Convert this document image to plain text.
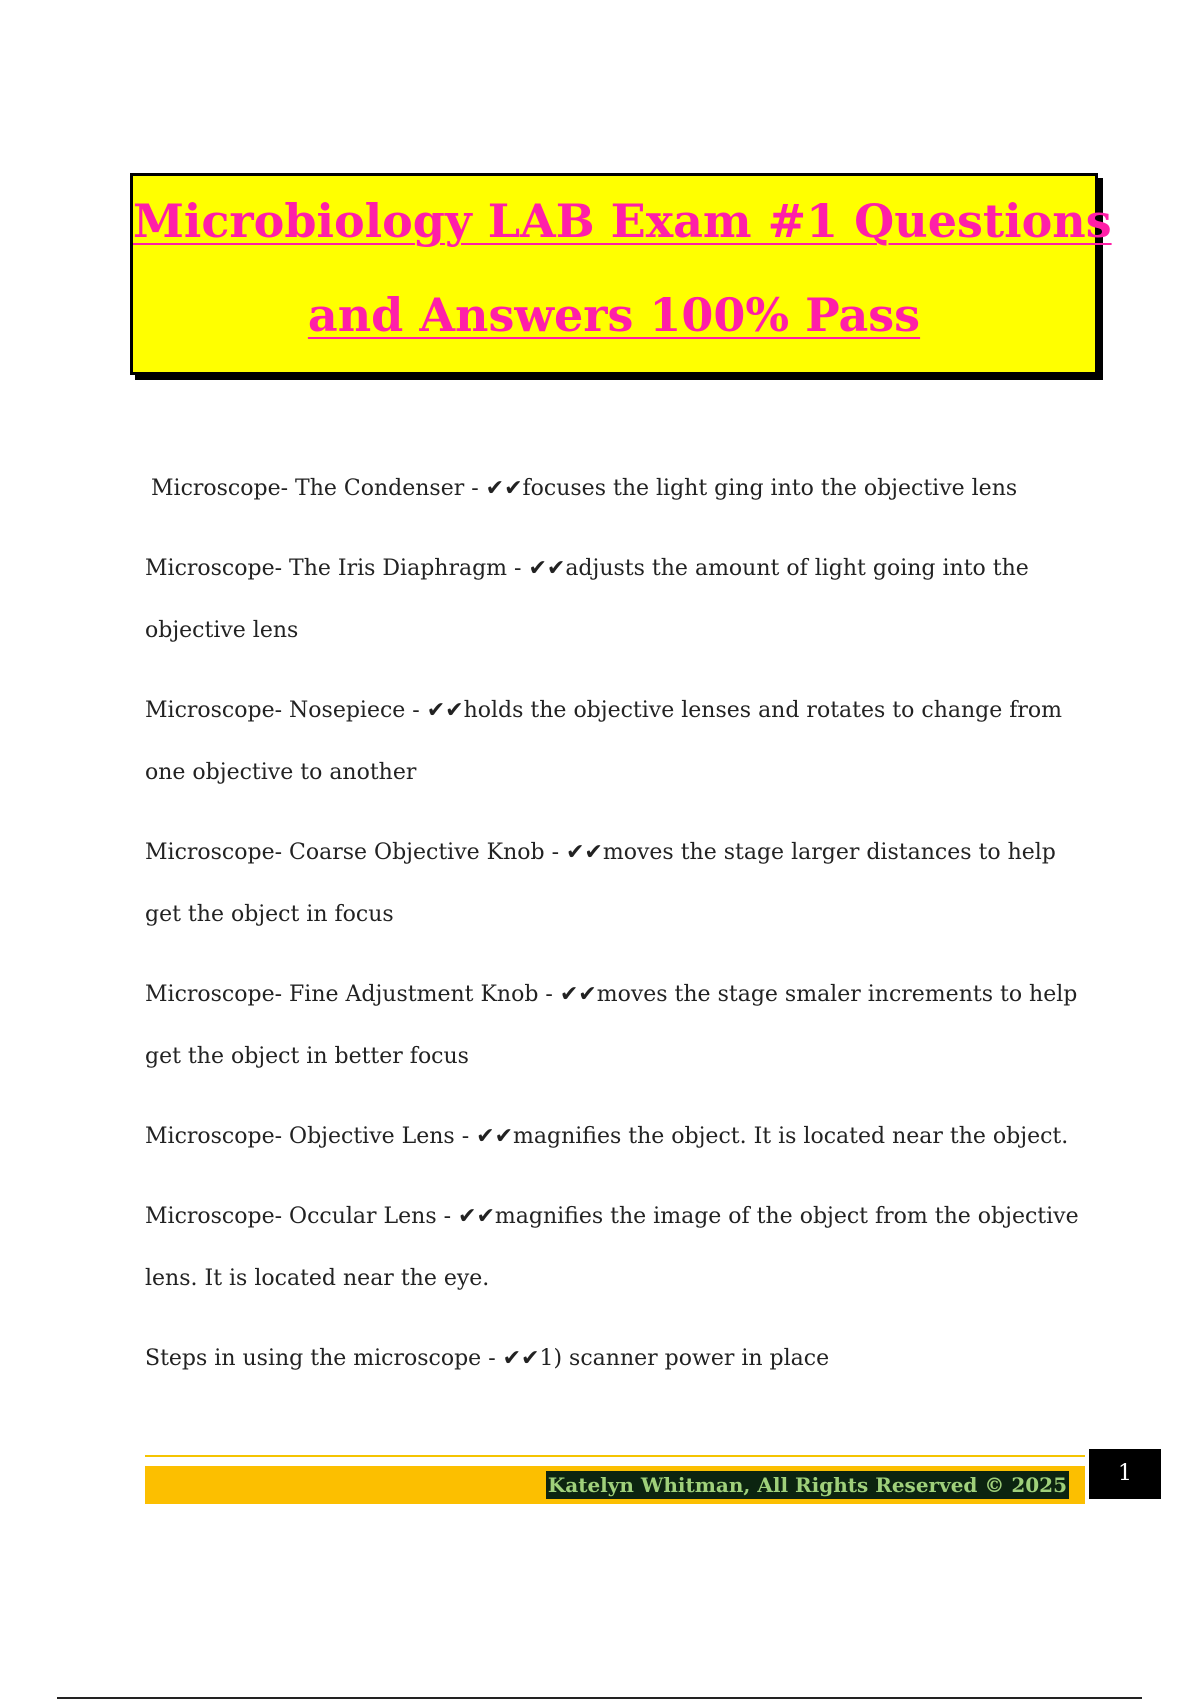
Microbiology LAB Exam #1 Questions
and Answers 100% Pass

Microscope- The Condenser - ✔✔focuses the light ging into the objective lens

Microscope- The Iris Diaphragm - ✔✔adjusts the amount of light going into the objective lens

Microscope- Nosepiece - ✔✔holds the objective lenses and rotates to change from one objective to another

Microscope- Coarse Objective Knob - ✔✔moves the stage larger distances to help get the object in focus

Microscope- Fine Adjustment Knob - ✔✔moves the stage smaler increments to help get the object in better focus

Microscope- Objective Lens - ✔✔magnifies the object. It is located near the object.

Microscope- Occular Lens - ✔✔magnifies the image of the object from the objective lens. It is located near the eye.

Steps in using the microscope - ✔✔1) scanner power in place

Katelyn Whitman, All Rights Reserved © 2025	1
